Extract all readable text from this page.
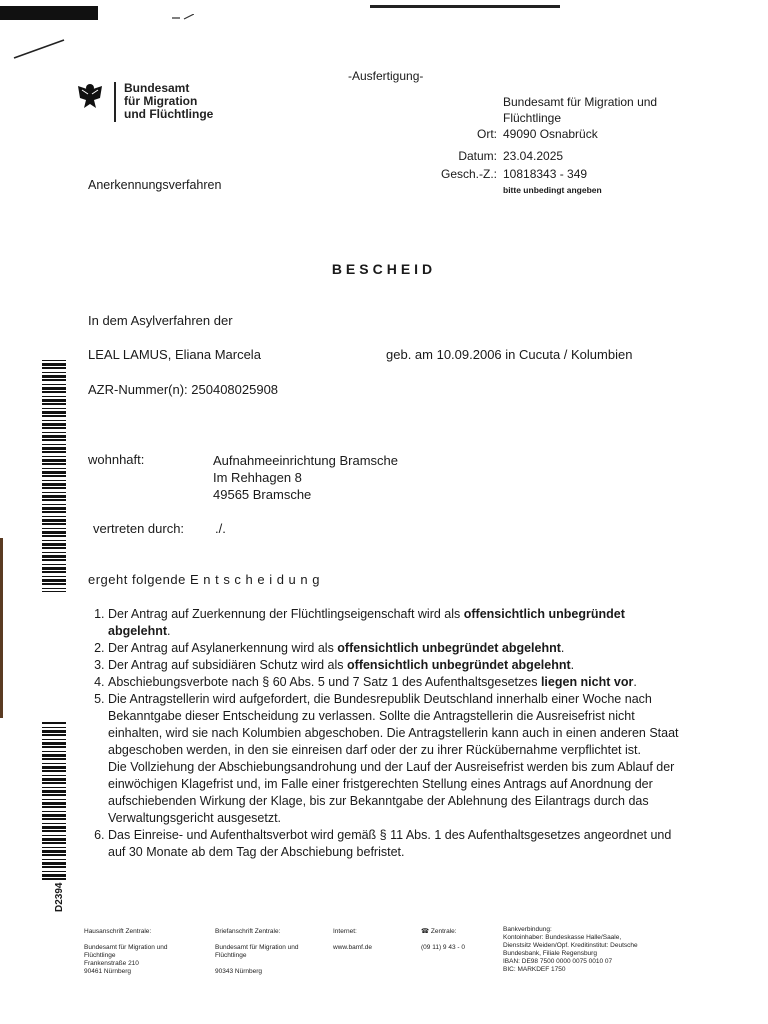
Bundesamt
für Migration
und Flüchtlinge
-Ausfertigung-
Bundesamt für Migration und
Flüchtlinge
Ort: 49090 Osnabrück
Datum: 23.04.2025
Gesch.-Z.: 10818343 - 349
bitte unbedingt angeben
Anerkennungsverfahren
BESCHEID
In dem Asylverfahren der
LEAL LAMUS, Eliana Marcela	geb. am 10.09.2006 in Cucuta / Kolumbien
AZR-Nummer(n): 250408025908
wohnhaft:	Aufnahmeeinrichtung Bramsche
Im Rehhagen 8
49565 Bramsche
vertreten durch: ./.
ergeht folgende E n t s c h e i d u n g
1. Der Antrag auf Zuerkennung der Flüchtlingseigenschaft wird als offensichtlich unbegründet abgelehnt.
2. Der Antrag auf Asylanerkennung wird als offensichtlich unbegründet abgelehnt.
3. Der Antrag auf subsidiären Schutz wird als offensichtlich unbegründet abgelehnt.
4. Abschiebungsverbote nach § 60 Abs. 5 und 7 Satz 1 des Aufenthaltsgesetzes liegen nicht vor.
5. Die Antragstellerin wird aufgefordert, die Bundesrepublik Deutschland innerhalb einer Woche nach Bekanntgabe dieser Entscheidung zu verlassen. Sollte die Antragstellerin die Ausreisefrist nicht einhalten, wird sie nach Kolumbien abgeschoben. Die Antragstellerin kann auch in einen anderen Staat abgeschoben werden, in den sie einreisen darf oder der zu ihrer Rückübernahme verpflichtet ist.

Die Vollziehung der Abschiebungsandrohung und der Lauf der Ausreisefrist werden bis zum Ablauf der einwöchigen Klagefrist und, im Falle einer fristgerechten Stellung eines Antrags auf Anordnung der aufschiebenden Wirkung der Klage, bis zur Bekanntgabe der Ablehnung des Eilantrags durch das Verwaltungsgericht ausgesetzt.

6. Das Einreise- und Aufenthaltsverbot wird gemäß § 11 Abs. 1 des Aufenthaltsgesetzes angeordnet und auf 30 Monate ab dem Tag der Abschiebung befristet.
D2394
Hausanschrift Zentrale:
Bundesamt für Migration und
Flüchtlinge
Frankenstraße 210
90461 Nürnberg
Briefanschrift Zentrale:
Bundesamt für Migration und
Flüchtlinge
90343 Nürnberg
Internet:
www.bamf.de
☎ Zentrale:
(09 11) 9 43 - 0
Bankverbindung:
Kontoinhaber: Bundeskasse Halle/Saale,
Dienstsitz Weiden/Opf. Kreditinstitut: Deutsche
Bundesbank, Filiale Regensburg
IBAN: DE98 7500 0000 0075 0010 07
BIC: MARKDEF 1750
